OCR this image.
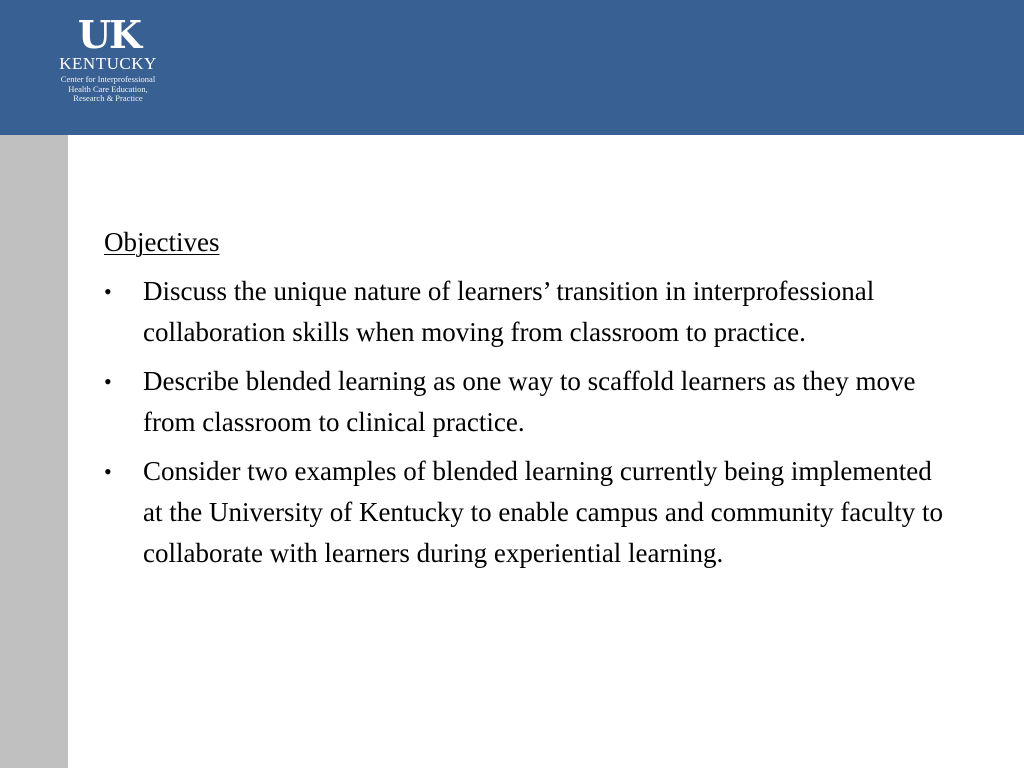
UK
KENTUCKY
Center for Interprofessional
Health Care Education,
Research & Practice
Objectives
•	Discuss the unique nature of learners’ transition in interprofessional collaboration skills when moving from classroom to practice.
•	Describe blended learning as one way to scaffold learners as they move from classroom to clinical practice.
•	Consider two examples of blended learning currently being implemented at the University of Kentucky to enable campus and community faculty to collaborate with learners during experiential learning.
